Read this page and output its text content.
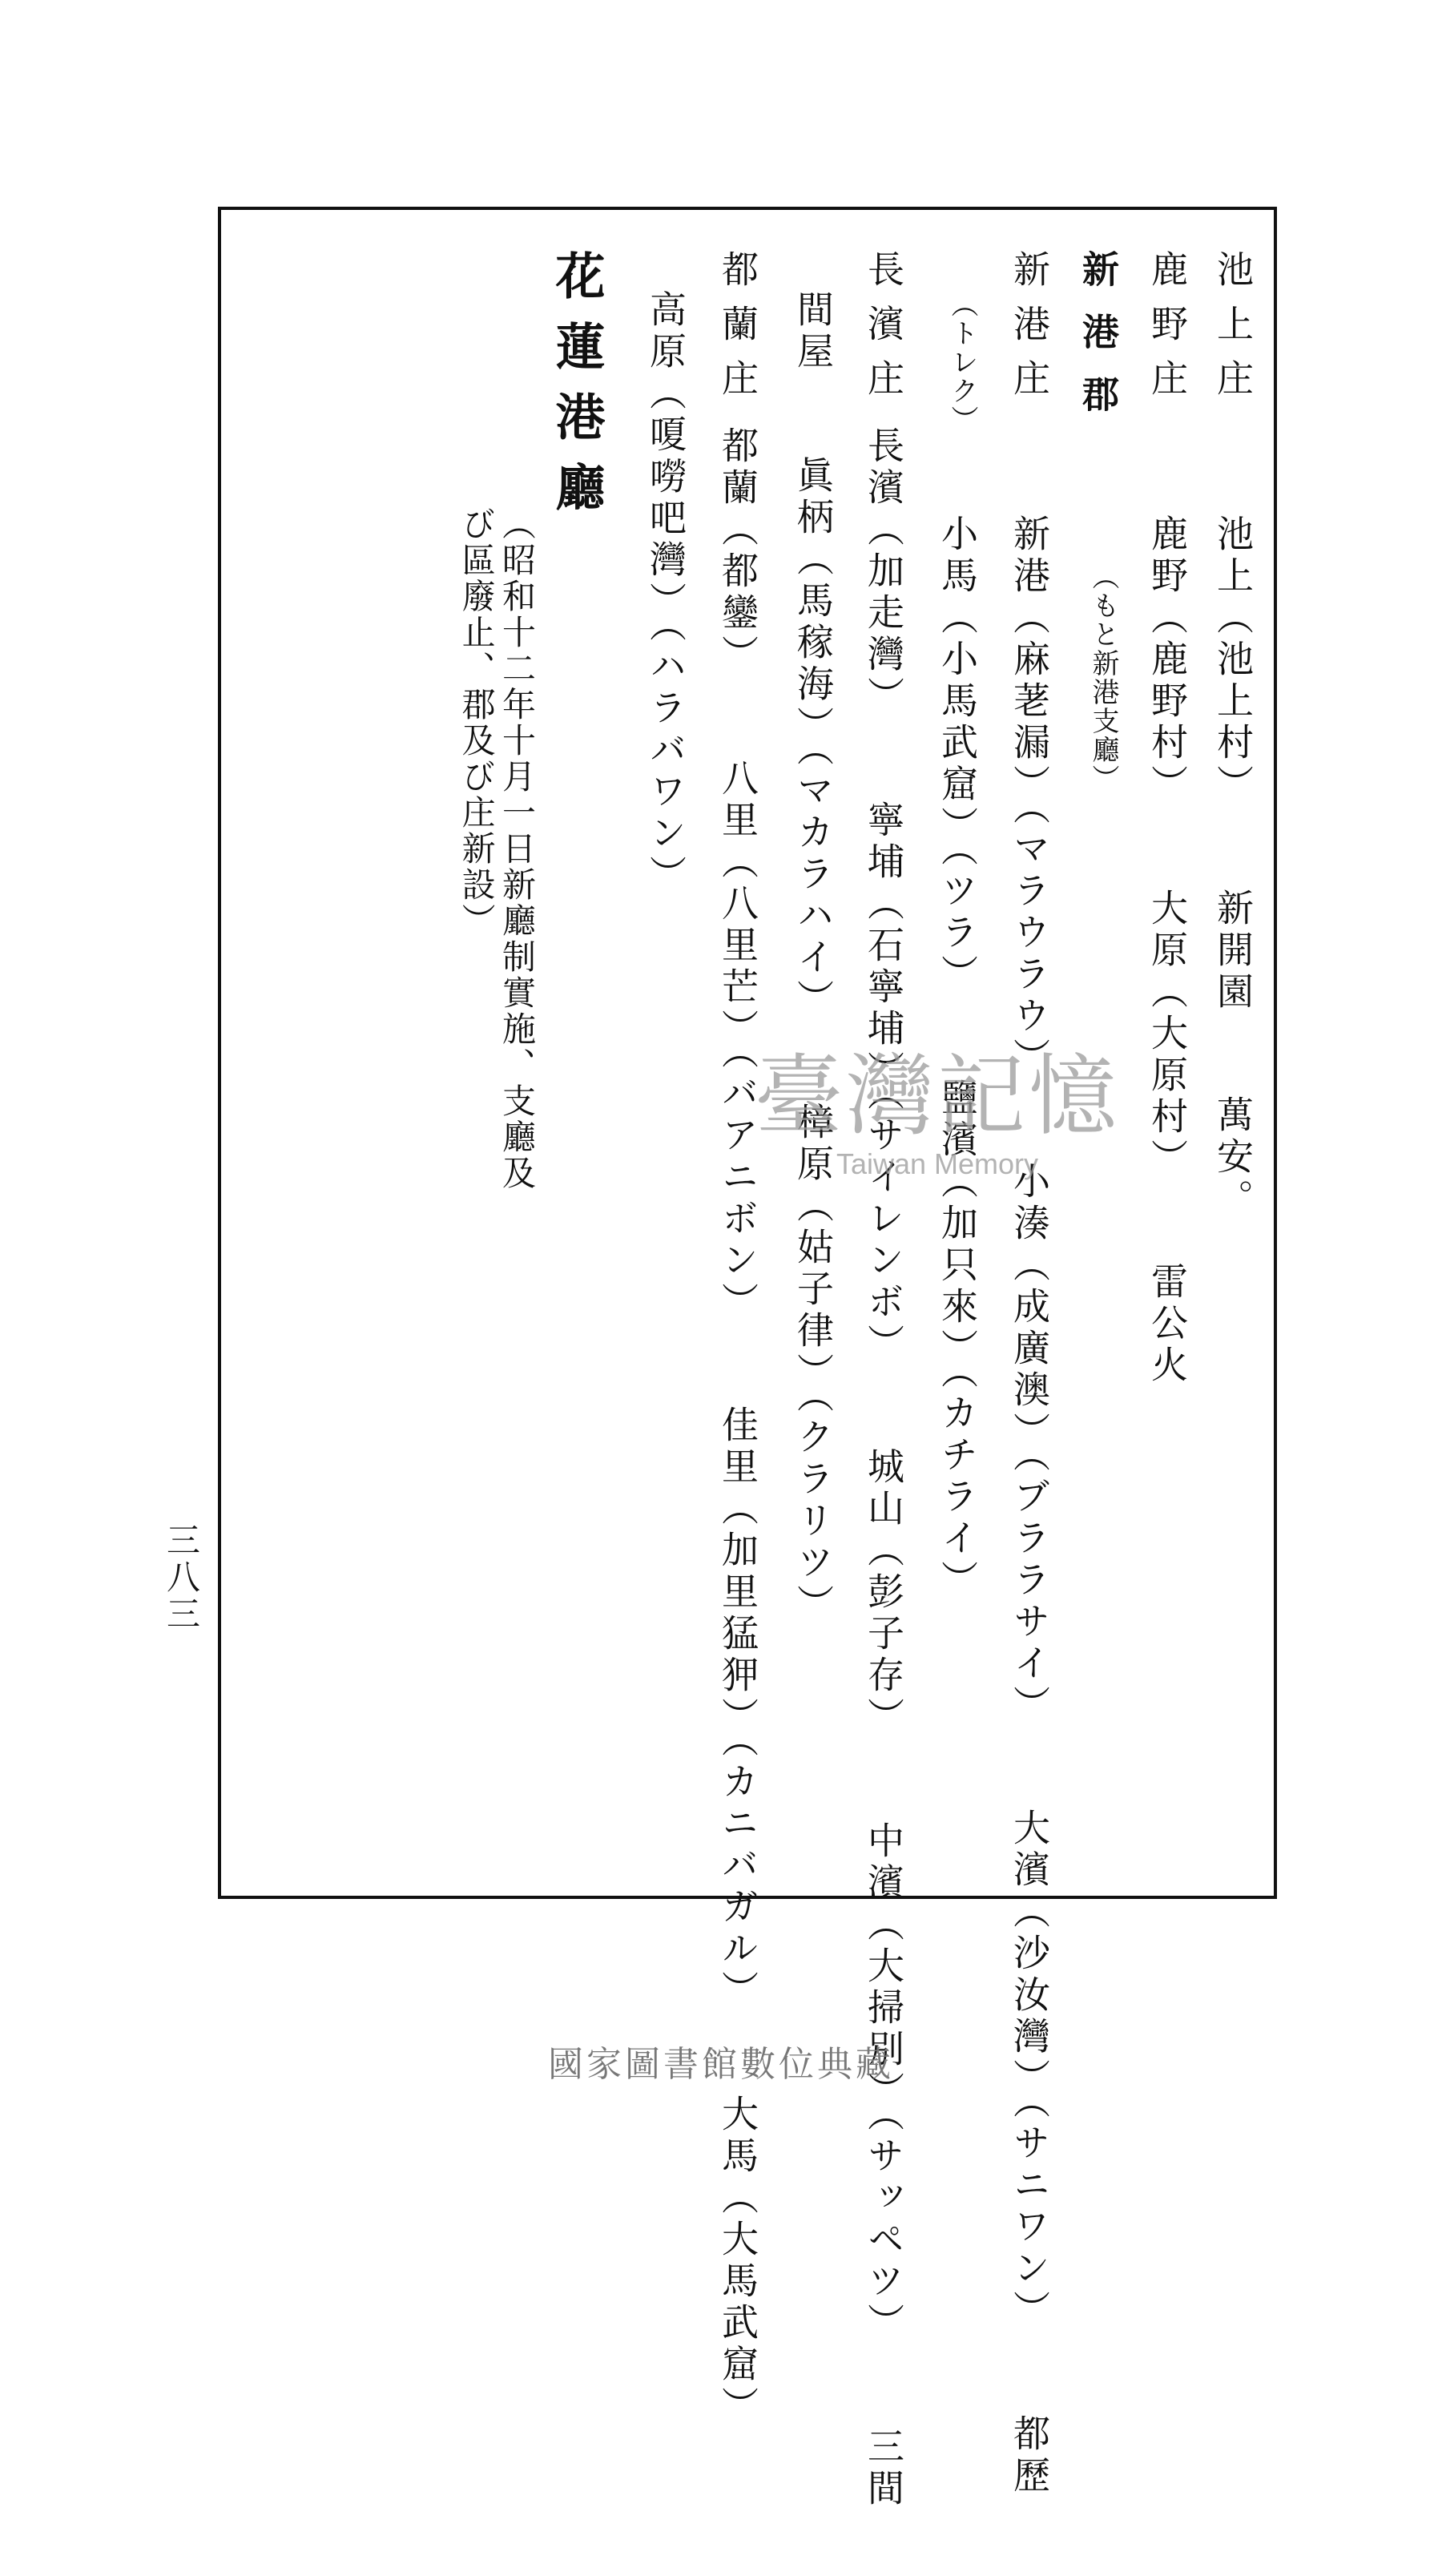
池上庄
池上（池上村） 新開園 萬安。
鹿野庄
鹿野（鹿野村） 大原（大原村） 雷公火
新港郡
（もと新港支廳）
新港庄
新港（麻荖漏）（マラウラウ） 小湊（成廣澳）（ブララサイ） 大濱（沙汝灣）（サニワン） 都歷
（トレク）
小馬（小馬武窟）（ツラ） 鹽濱（加只來）（カチライ）
長濱庄
長濱（加走灣） 寧埔（石寧埔）（サイレンボ） 城山（彭子存） 中濱（大掃別）（サッペツ） 三間
間屋 眞柄（馬稼海）（マカラハイ） 樟原（姑子律）（クラリツ）
都蘭庄
都蘭（都鑾） 八里（八里芒）（バアニボン） 佳里（加里猛狎）（カニバガル） 大馬（大馬武窟）
高原（嗄嘮吧灣）（ハラバワン）
花蓮港廳
（昭和十二年十月一日新廳制實施、支廳及び區廢止、郡及び庄新設）
三八三
臺灣記憶
Taiwan Memory
國家圖書館數位典藏
